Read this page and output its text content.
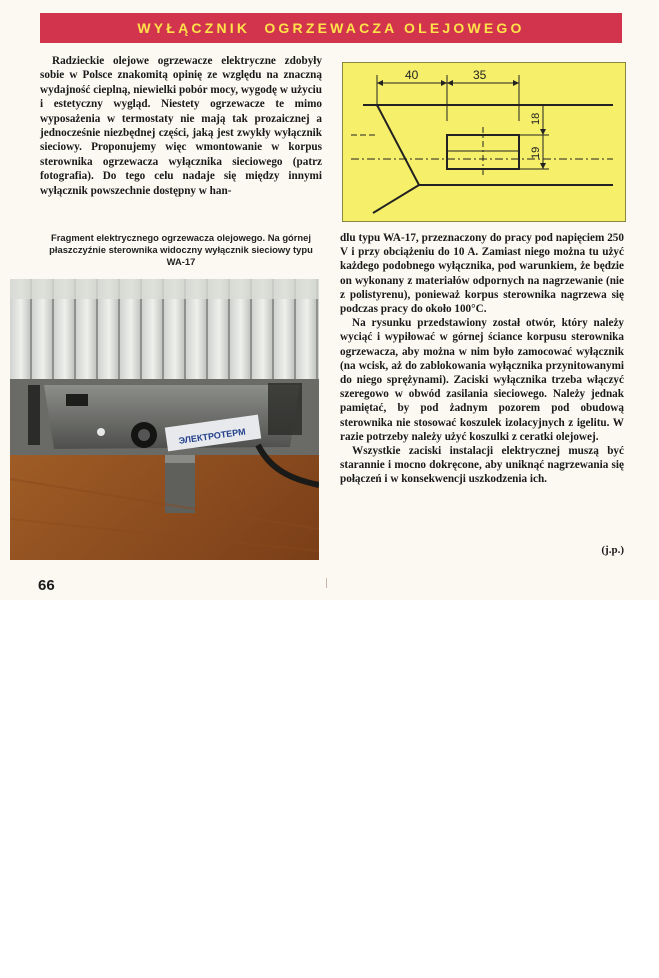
WYŁĄCZNIK  OGRZEWACZA OLEJOWEGO

Radzieckie olejowe ogrzewacze elektryczne zdobyły sobie w Polsce znakomitą opinię ze względu na znaczną wydajność cieplną, niewielki pobór mocy, wygodę w użyciu i estetyczny wygląd. Niestety ogrzewacze te mimo wyposażenia w termostaty nie mają tak prozaicznej a jednocześnie niezbędnej części, jaką jest zwykły wyłącznik sieciowy. Proponujemy więc wmontowanie w korpus sterownika ogrzewacza wyłącznika sieciowego (patrz fotografia). Do tego celu nadaje się między innymi wyłącznik powszechnie dostępny w han-

Fragment elektrycznego ogrzewacza olejowego. Na górnej płaszczyźnie sterownika widoczny wyłącznik sieciowy typu WA-17
ЭЛЕКТРОТЕРМ
40	35
18
19

dlu typu WA-17, przeznaczony do pracy pod napięciem 250 V i przy obciążeniu do 10 A. Zamiast niego można tu użyć każdego podobnego wyłącznika, pod warunkiem, że będzie on wykonany z materiałów odpornych na nagrzewanie (nie z polistyrenu), ponieważ korpus sterownika nagrzewa się podczas pracy do około 100°C.

Na rysunku przedstawiony został otwór, który należy wyciąć i wypiłować w górnej ściance korpusu sterownika ogrzewacza, aby można w nim było zamocować wyłącznik (na wcisk, aż do zablokowania wyłącznika przynitowanymi do niego sprężynami). Zaciski wyłącznika trzeba włączyć szeregowo w obwód zasilania sieciowego. Należy jednak pamiętać, by pod żadnym pozorem pod obudową sterownika nie stosować koszulek izolacyjnych z igelitu. W razie potrzeby należy użyć koszulki z ceratki olejowej.

Wszystkie zaciski instalacji elektrycznej muszą być starannie i mocno dokręcone, aby uniknąć nagrzewania się połączeń i w konsekwencji uszkodzenia ich.

(j.p.)
66
